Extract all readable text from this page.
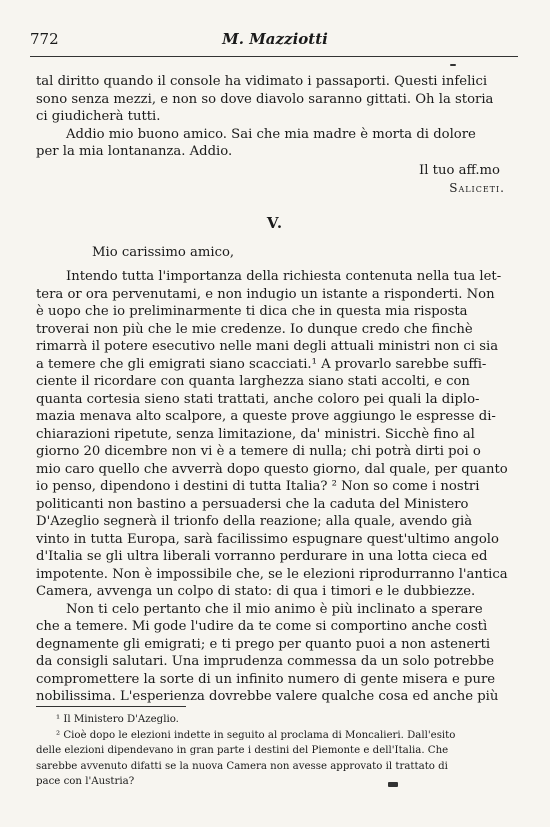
772	M. Mazziotti
tal diritto quando il console ha vidimato i passaporti. Questi infelici
sono senza mezzi, e non so dove diavolo saranno gittati. Oh la storia
ci giudicherà tutti.
Addio mio buono amico. Sai che mia madre è morta di dolore
per la mia lontananza. Addio.
Il tuo aff.mo
Saliceti.
V.
Mio carissimo amico,
Intendo tutta l'importanza della richiesta contenuta nella tua let-
tera or ora pervenutami, e non indugio un istante a risponderti. Non
è uopo che io preliminarmente ti dica che in questa mia risposta
troverai non più che le mie credenze. Io dunque credo che finchè
rimarrà il potere esecutivo nelle mani degli attuali ministri non ci sia
a temere che gli emigrati siano scacciati.¹ A provarlo sarebbe suffi-
ciente il ricordare con quanta larghezza siano stati accolti, e con
quanta cortesia sieno stati trattati, anche coloro pei quali la diplo-
mazia menava alto scalpore, a queste prove aggiungo le espresse di-
chiarazioni ripetute, senza limitazione, da' ministri. Sicchè fino al
giorno 20 dicembre non vi è a temere di nulla; chi potrà dirti poi o
mio caro quello che avverrà dopo questo giorno, dal quale, per quanto
io penso, dipendono i destini di tutta Italia? ² Non so come i nostri
politicanti non bastino a persuadersi che la caduta del Ministero
D'Azeglio segnerà il trionfo della reazione; alla quale, avendo già
vinto in tutta Europa, sarà facilissimo espugnare quest'ultimo angolo
d'Italia se gli ultra liberali vorranno perdurare in una lotta cieca ed
impotente. Non è impossibile che, se le elezioni riprodurranno l'antica
Camera, avvenga un colpo di stato: di qua i timori e le dubbiezze.
Non ti celo pertanto che il mio animo è più inclinato a sperare
che a temere. Mi gode l'udire da te come si comportino anche costì
degnamente gli emigrati; e ti prego per quanto puoi a non astenerti
da consigli salutari. Una imprudenza commessa da un solo potrebbe
compromettere la sorte di un infinito numero di gente misera e pure
nobilissima. L'esperienza dovrebbe valere qualche cosa ed anche più
¹ Il Ministero D'Azeglio.
² Cioè dopo le elezioni indette in seguito al proclama di Moncalieri. Dall'esito
delle elezioni dipendevano in gran parte i destini del Piemonte e dell'Italia. Che
sarebbe avvenuto difatti se la nuova Camera non avesse approvato il trattato di
pace con l'Austria?
